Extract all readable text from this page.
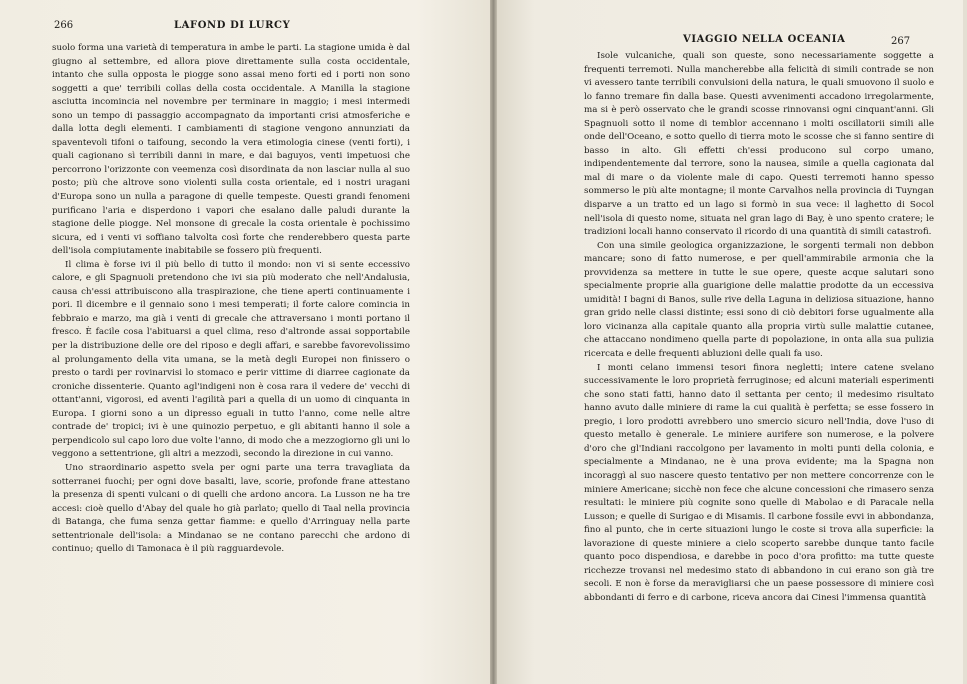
266	LAFOND DI LURCY

suolo forma una varietà di temperatura in ambe le parti. La stagione umida è dal giugno al settembre, ed allora piove direttamente sulla costa occidentale, intanto che sulla opposta le piogge sono assai meno forti ed i porti non sono soggetti a que' terribili collas della costa occidentale. A Manilla la stagione asciutta incomincia nel novembre per terminare in maggio; i mesi intermedi sono un tempo di passaggio accompagnato da importanti crisi atmosferiche e dalla lotta degli elementi. I cambiamenti di stagione vengono annunziati da spaventevoli tifoni o taifoung, secondo la vera etimologia cinese (venti forti), i quali cagionano sì terribili danni in mare, e dai baguyos, venti impetuosi che percorrono l'orizzonte con veemenza così disordinata da non lasciar nulla al suo posto; più che altrove sono violenti sulla costa orientale, ed i nostri uragani d'Europa sono un nulla a paragone di quelle tempeste. Questi grandi fenomeni purificano l'aria e disperdono i vapori che esalano dalle paludi durante la stagione delle piogge. Nel monsone di grecale la costa orientale è pochissimo sicura, ed i venti vi soffiano talvolta così forte che renderebbero questa parte dell'isola compiutamente inabitabile se fossero più frequenti.

Il clima è forse ivi il più bello di tutto il mondo: non vi si sente eccessivo calore, e gli Spagnuoli pretendono che ivi sia più moderato che nell'Andalusia, causa ch'essi attribuiscono alla traspirazione, che tiene aperti continuamente i pori. Il dicembre e il gennaio sono i mesi temperati; il forte calore comincia in febbraio e marzo, ma già i venti di grecale che attraversano i monti portano il fresco. È facile cosa l'abituarsi a quel clima, reso d'altronde assai sopportabile per la distribuzione delle ore del riposo e degli affari, e sarebbe favorevolissimo al prolungamento della vita umana, se la metà degli Europei non finissero o presto o tardi per rovinarvisi lo stomaco e perir vittime di diarree cagionate da croniche dissenterie. Quanto agl'indigeni non è cosa rara il vedere de' vecchi di ottant'anni, vigorosi, ed aventi l'agilità pari a quella di un uomo di cinquanta in Europa. I giorni sono a un dipresso eguali in tutto l'anno, come nelle altre contrade de' tropici; ivi è une quinozio perpetuo, e gli abitanti hanno il sole a perpendicolo sul capo loro due volte l'anno, di modo che a mezzogiorno gli uni lo veggono a settentrione, gli altri a mezzodì, secondo la direzione in cui vanno.

Uno straordinario aspetto svela per ogni parte una terra travagliata da sotterranei fuochi; per ogni dove basalti, lave, scorie, profonde frane attestano la presenza di spenti vulcani o di quelli che ardono ancora. La Lusson ne ha tre accesi: cioè quello d'Abay del quale ho già parlato; quello di Taal nella provincia di Batanga, che fuma senza gettar fiamme: e quello d'Arringuay nella parte settentrionale dell'isola: a Mindanao se ne contano parecchi che ardono di continuo; quello di Tamonaca è il più ragguardevole.

VIAGGIO NELLA OCEANIA	267

Isole vulcaniche, quali son queste, sono necessariamente soggette a frequenti terremoti. Nulla mancherebbe alla felicità di simili contrade se non vi avessero tante terribili convulsioni della natura, le quali smuovono il suolo e lo fanno tremare fin dalla base. Questi avvenimenti accadono irregolarmente, ma si è però osservato che le grandi scosse rinnovansi ogni cinquant'anni. Gli Spagnuoli sotto il nome di temblor accennano i molti oscillatorii simili alle onde dell'Oceano, e sotto quello di tierra moto le scosse che si fanno sentire di basso in alto. Gli effetti ch'essi producono sul corpo umano, indipendentemente dal terrore, sono la nausea, simile a quella cagionata dal mal di mare o da violente male di capo. Questi terremoti hanno spesso sommerso le più alte montagne; il monte Carvalhos nella provincia di Tuyngan disparve a un tratto ed un lago si formò in sua vece: il laghetto di Socol nell'isola di questo nome, situata nel gran lago di Bay, è uno spento cratere; le tradizioni locali hanno conservato il ricordo di una quantità di simili catastrofi.

Con una simile geologica organizzazione, le sorgenti termali non debbon mancare; sono di fatto numerose, e per quell'ammirabile armonia che la provvidenza sa mettere in tutte le sue opere, queste acque salutari sono specialmente proprie alla guarigione delle malattie prodotte da un eccessiva umidità! I bagni di Banos, sulle rive della Laguna in deliziosa situazione, hanno gran grido nelle classi distinte; essi sono di ciò debitori forse ugualmente alla loro vicinanza alla capitale quanto alla propria virtù sulle malattie cutanee, che attaccano nondimeno quella parte di popolazione, in onta alla sua pulizia ricercata e delle frequenti abluzioni delle quali fa uso.

I monti celano immensi tesori finora negletti; intere catene svelano successivamente le loro proprietà ferruginose; ed alcuni materiali esperimenti che sono stati fatti, hanno dato il settanta per cento; il medesimo risultato hanno avuto dalle miniere di rame la cui qualità è perfetta; se esse fossero in pregio, i loro prodotti avrebbero uno smercio sicuro nell'India, dove l'uso di questo metallo è generale. Le miniere aurifere son numerose, e la polvere d'oro che gl'Indiani raccolgono per lavamento in molti punti della colonia, e specialmente a Mindanao, ne è una prova evidente; ma la Spagna non incoraggì al suo nascere questo tentativo per non mettere concorrenze con le miniere Americane; sicchè non fece che alcune concessioni che rimasero senza resultati: le miniere più cognite sono quelle di Mabolao e di Paracale nella Lusson; e quelle di Surigao e di Misamis. Il carbone fossile evvi in abbondanza, fino al punto, che in certe situazioni lungo le coste si trova alla superficie: la lavorazione di queste miniere a cielo scoperto sarebbe dunque tanto facile quanto poco dispendiosa, e darebbe in poco d'ora profitto: ma tutte queste ricchezze trovansi nel medesimo stato di abbandono in cui erano son già tre secoli. E non è forse da meravigliarsi che un paese possessore di miniere così abbondanti di ferro e di carbone, riceva ancora dai Cinesi l'immensa quantità
